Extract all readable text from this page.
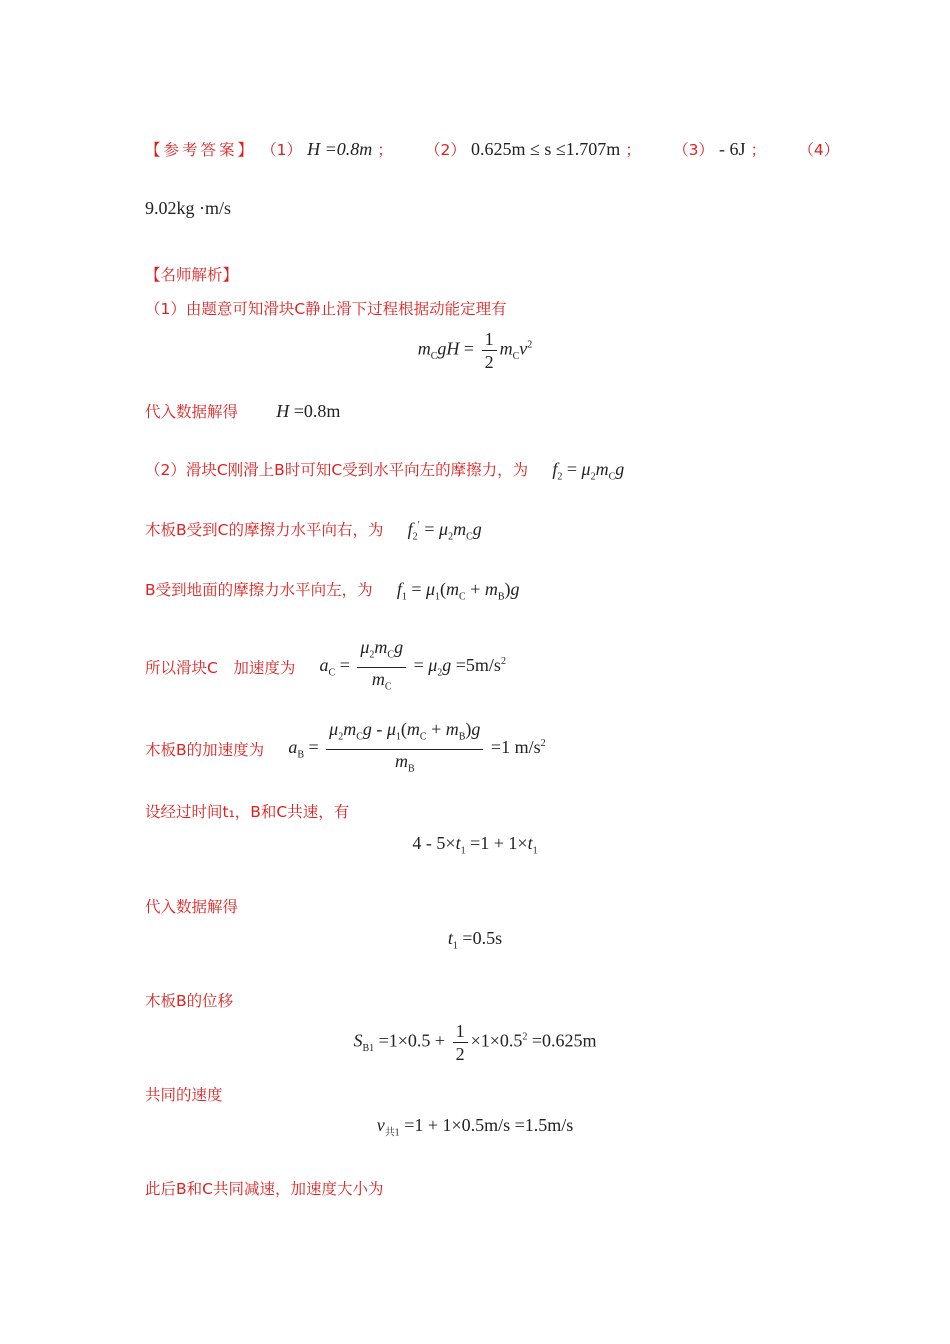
【参考答案】 （1） H =0.8m ； （2） 0.625m ≤ s ≤1.707m ； （3） - 6J ； （4）
9.02kg ·m/s
【名师解析】
（1）由题意可知滑块C静止滑下过程根据动能定理有
$m_CgH = \frac{1}{2} m_Cv^2$
代入数据解得 H =0.8m
（2）滑块C刚滑上B时可知C受到水平向左的摩擦力，为 $f_2 = \mu_2m_Cg$
木板B受到C的摩擦力水平向右，为 $f_2' = \mu_2m_Cg$
B受到地面的摩擦力水平向左，为 $f_1 = \mu_1(m_C + m_B)g$
所以滑块C　加速度为 $a_C = \frac{\mu_2m_Cg}{m_C} = \mu_2g =5m/s^2$
木板B的加速度为 $a_B = \frac{\mu_2m_Cg - \mu_1(m_C + m_B)g}{m_B} =1$ $m/s^2$
设经过时间t₁，B和C共速，有
$4 - 5\times t_1 =1 + 1\times t_1$
代入数据解得
$t_1 =0.5s$
木板B的位移
$S_{B1} =1\times 0.5 + \frac{1}{2} \times 1\times 0.5^2 =0.625m$
共同的速度
$v_{共1} =1 + 1\times 0.5m/s =1.5m/s$
此后B和C共同减速，加速度大小为
